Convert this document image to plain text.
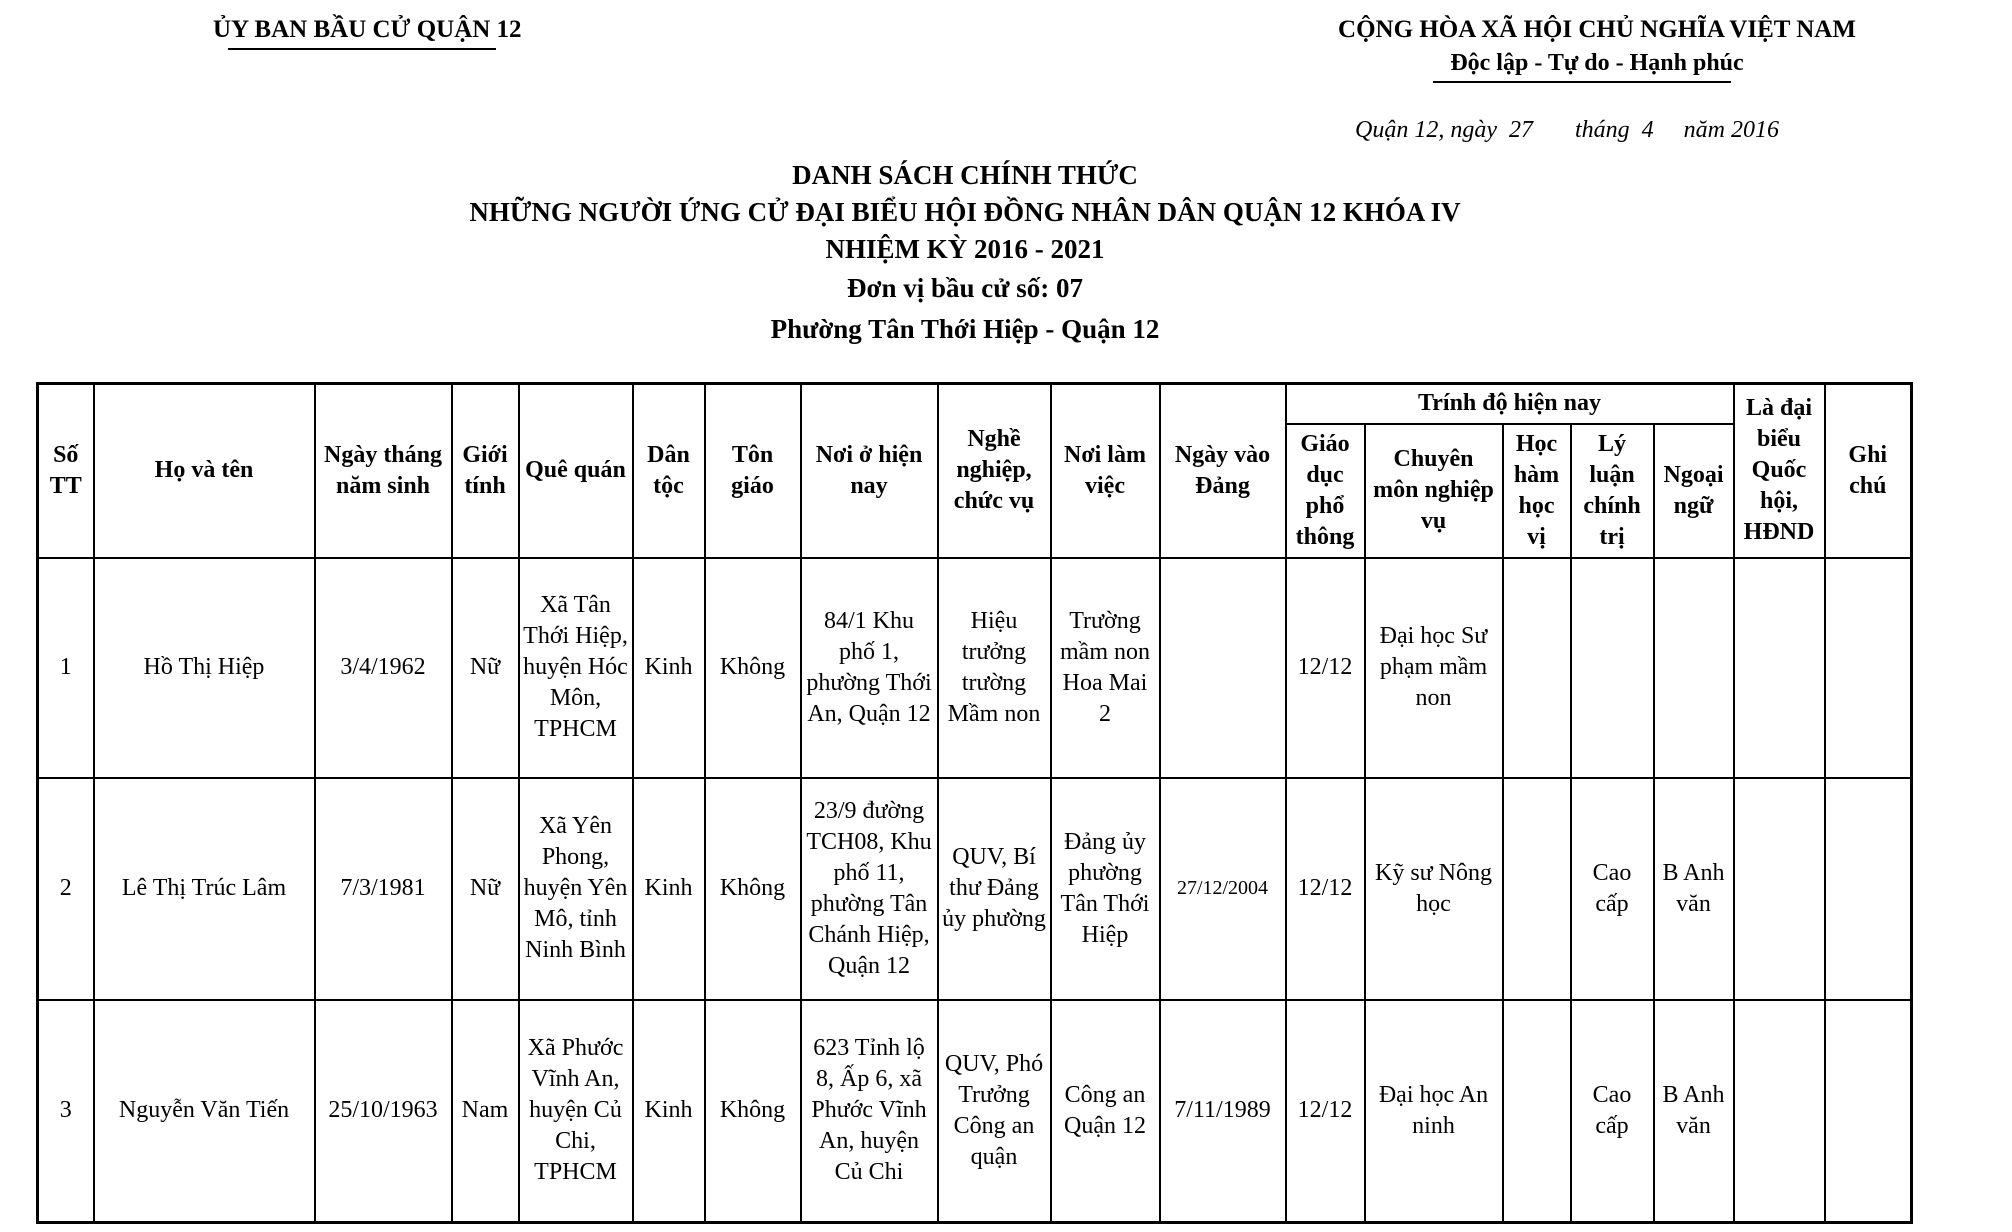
ỦY BAN BẦU CỬ QUẬN 12	CỘNG HÒA XÃ HỘI CHỦ NGHĨA VIỆT NAM
Độc lập - Tự do - Hạnh phúc
Quận 12, ngày  27 tháng  4 năm 2016
DANH SÁCH CHÍNH THỨC
NHỮNG NGƯỜI ỨNG CỬ ĐẠI BIỂU HỘI ĐỒNG NHÂN DÂN QUẬN 12 KHÓA IV
NHIỆM KỲ 2016 - 2021
Đơn vị bầu cử số: 07
Phường Tân Thới Hiệp - Quận 12
Số TT	Họ và tên	Ngày tháng năm sinh	Giới tính	Quê quán	Dân tộc	Tôn giáo	Nơi ở hiện nay	Nghề nghiệp, chức vụ	Nơi làm việc	Ngày vào Đảng	Trính độ hiện nay					Là đại biểu Quốc hội, HĐND	Ghi chú
											Giáo dục phổ thông	Chuyên môn nghiệp vụ	Học hàm học vị	Lý luận chính trị	Ngoại ngữ		
1	Hồ Thị Hiệp	3/4/1962	Nữ	Xã Tân Thới Hiệp, huyện Hóc Môn, TPHCM	Kinh	Không	84/1 Khu phố 1, phường Thới An, Quận 12	Hiệu trưởng trường Mầm non	Trường mầm non Hoa Mai 2		12/12	Đại học Sư phạm mầm non					
2	Lê Thị Trúc Lâm	7/3/1981	Nữ	Xã Yên Phong, huyện Yên Mô, tỉnh Ninh Bình	Kinh	Không	23/9 đường TCH08, Khu phố 11, phường Tân Chánh Hiệp, Quận 12	QUV, Bí thư Đảng ủy phường	Đảng ủy phường Tân Thới Hiệp	27/12/2004	12/12	Kỹ sư Nông học		Cao cấp	B Anh văn		
3	Nguyễn Văn Tiến	25/10/1963	Nam	Xã Phước Vĩnh An, huyện Củ Chi, TPHCM	Kinh	Không	623 Tỉnh lộ 8, Ấp 6, xã Phước Vĩnh An, huyện Củ Chi	QUV, Phó Trưởng Công an quận	Công an Quận 12	7/11/1989	12/12	Đại học An ninh		Cao cấp	B Anh văn		
